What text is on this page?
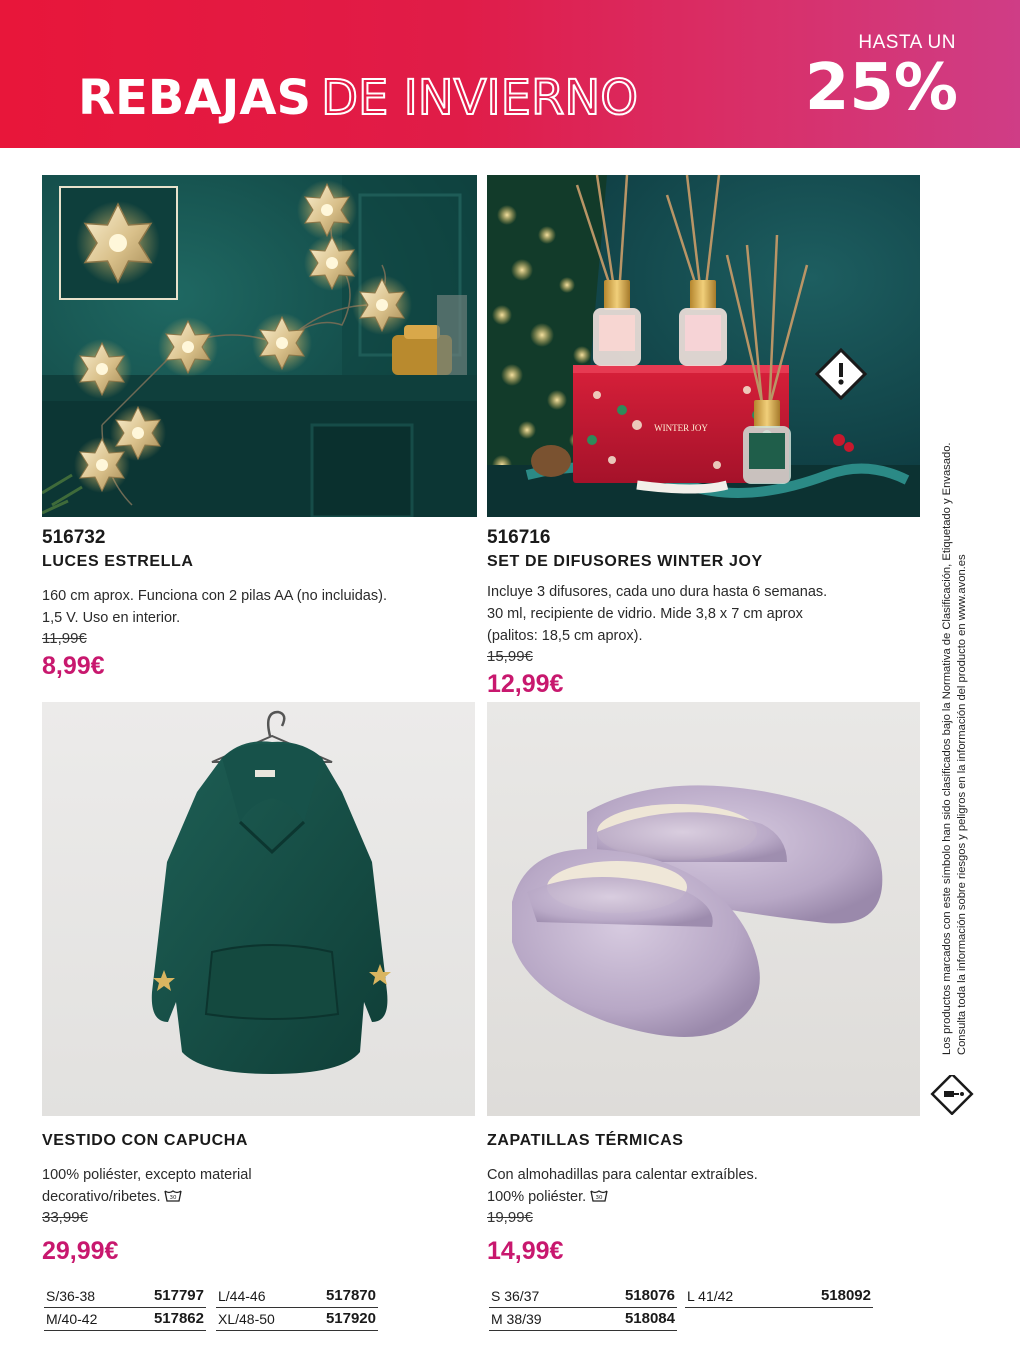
REBAJAS DE INVIERNO
HASTA UN
25%
WINTER JOY
516732
LUCES ESTRELLA
160 cm aprox. Funciona con 2 pilas AA (no incluidas).
1,5 V. Uso en interior.
11,99€
8,99€
516716
SET DE DIFUSORES WINTER JOY
Incluye 3 difusores, cada uno dura hasta 6 semanas.
30 ml, recipiente de vidrio. Mide 3,8 x 7 cm aprox
(palitos: 18,5 cm aprox).
15,99€
12,99€
VESTIDO CON CAPUCHA
100% poliéster, excepto material
decorativo/ribetes. 30
33,99€
29,99€
ZAPATILLAS TÉRMICAS
Con almohadillas para calentar extraíbles.
100% poliéster. 30
19,99€
14,99€
S/36-38	517797 L/44-46	517870
M/40-42	517862 XL/48-50	517920
S 36/37	518076 L 41/42	518092
M 38/39	518084
Los productos marcados con este símbolo han sido clasificados bajo la Normativa de Clasificación, Etiquetado y Envasado. Consulta toda la información sobre riesgos y peligros en la información del producto en www.avon.es
